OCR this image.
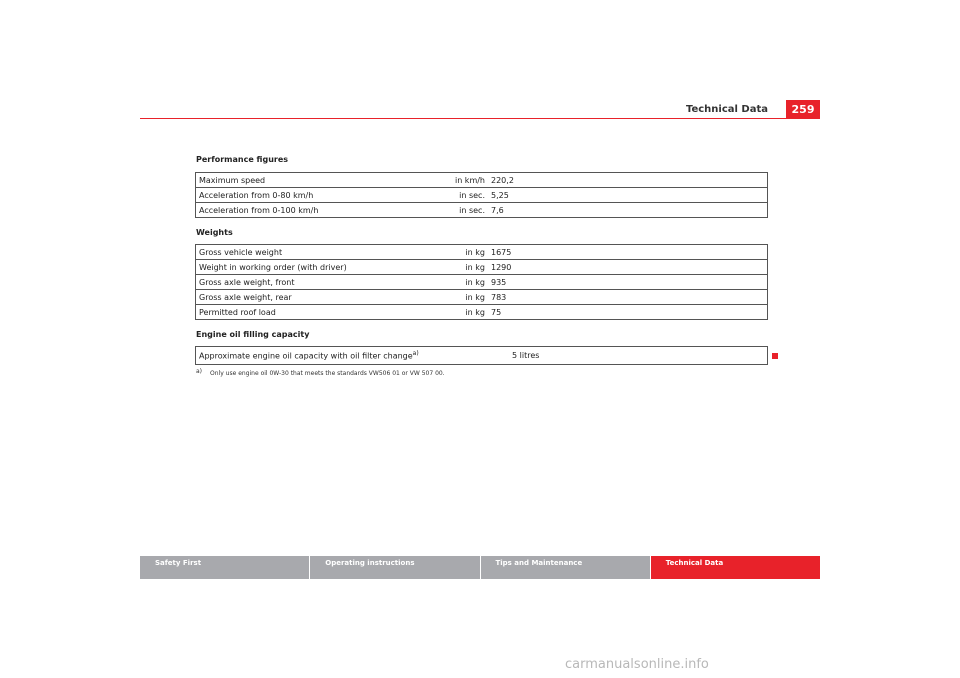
Technical Data	259
Performance figures
Maximum speed	in km/h	220,2
Acceleration from 0-80 km/h	in sec.	5,25
Acceleration from 0-100 km/h	in sec.	7,6
Weights
Gross vehicle weight	in kg	1675
Weight in working order (with driver)	in kg	1290
Gross axle weight, front	in kg	935
Gross axle weight, rear	in kg	783
Permitted roof load	in kg	75
Engine oil filling capacity
Approximate engine oil capacity with oil filter change$^{a)}$	5 litres
a) Only use engine oil 0W-30 that meets the standards VW506 01 or VW 507 00.
Safety First	Operating instructions	Tips and Maintenance	Technical Data
carmanualsonline.info
